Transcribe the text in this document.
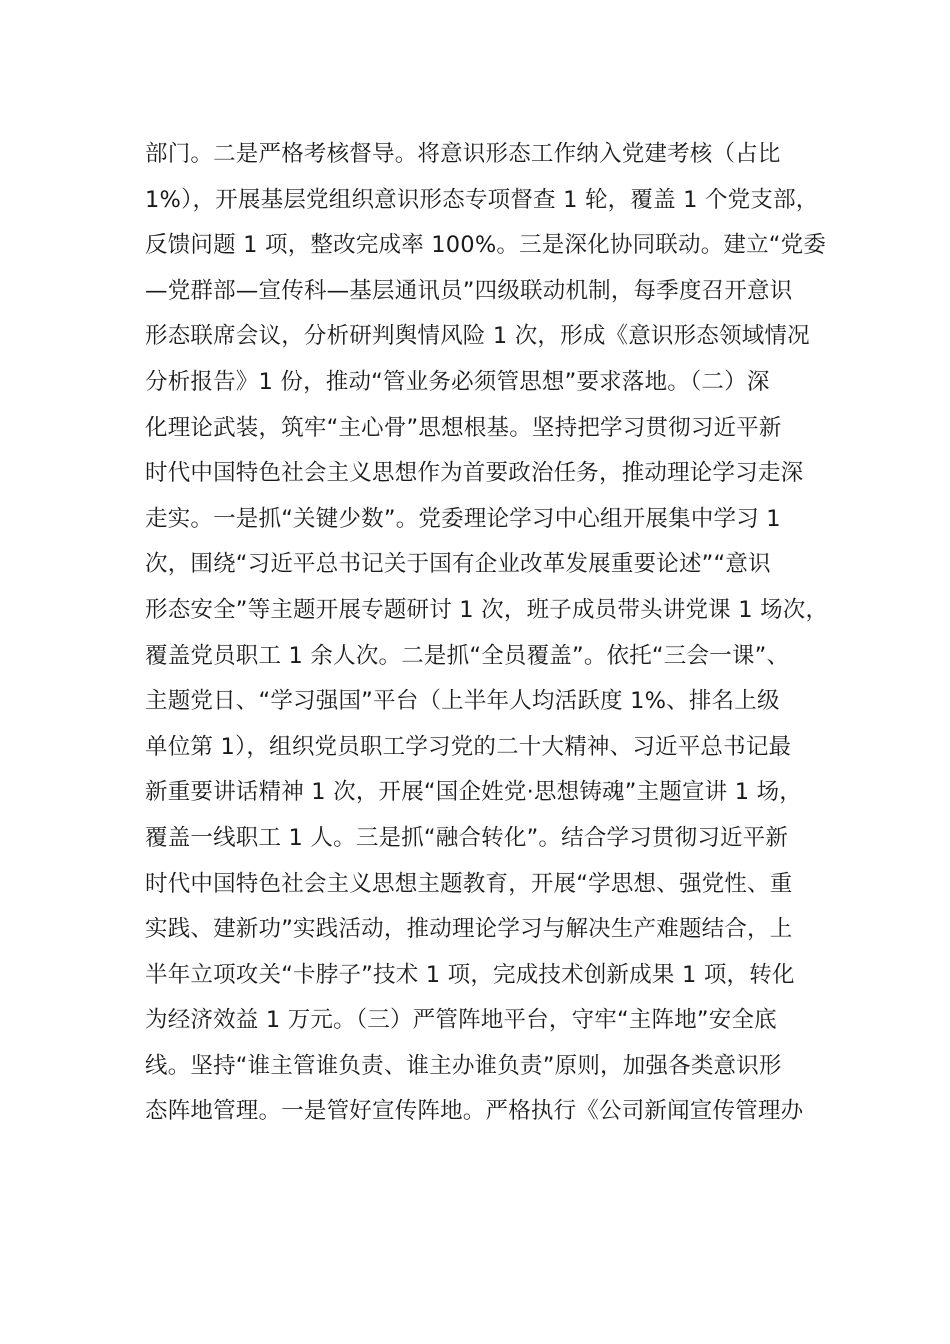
部门。二是严格考核督导。将意识形态工作纳入党建考核（占比
1%），开展基层党组织意识形态专项督查 1 轮，覆盖 1 个党支部，
反馈问题 1 项，整改完成率 100%。三是深化协同联动。建立“党委
—党群部—宣传科—基层通讯员”四级联动机制，每季度召开意识
形态联席会议，分析研判舆情风险 1 次，形成《意识形态领域情况
分析报告》1 份，推动“管业务必须管思想”要求落地。（二）深
化理论武装，筑牢“主心骨”思想根基。坚持把学习贯彻习近平新
时代中国特色社会主义思想作为首要政治任务，推动理论学习走深
走实。一是抓“关键少数”。党委理论学习中心组开展集中学习 1
次，围绕“习近平总书记关于国有企业改革发展重要论述”“意识
形态安全”等主题开展专题研讨 1 次，班子成员带头讲党课 1 场次，
覆盖党员职工 1 余人次。二是抓“全员覆盖”。依托“三会一课”、
主题党日、“学习强国”平台（上半年人均活跃度 1%、排名上级
单位第 1），组织党员职工学习党的二十大精神、习近平总书记最
新重要讲话精神 1 次，开展“国企姓党·思想铸魂”主题宣讲 1 场，
覆盖一线职工 1 人。三是抓“融合转化”。结合学习贯彻习近平新
时代中国特色社会主义思想主题教育，开展“学思想、强党性、重
实践、建新功”实践活动，推动理论学习与解决生产难题结合，上
半年立项攻关“卡脖子”技术 1 项，完成技术创新成果 1 项，转化
为经济效益 1 万元。（三）严管阵地平台，守牢“主阵地”安全底
线。坚持“谁主管谁负责、谁主办谁负责”原则，加强各类意识形
态阵地管理。一是管好宣传阵地。严格执行《公司新闻宣传管理办
